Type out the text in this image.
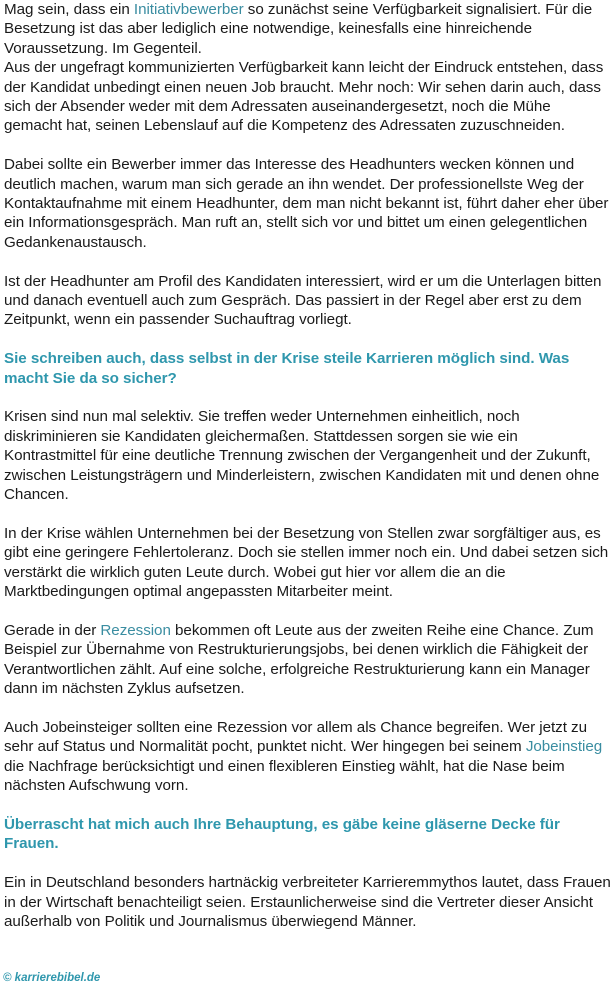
Mag sein, dass ein Initiativbewerber so zunächst seine Verfügbarkeit signalisiert. Für die Besetzung ist das aber lediglich eine notwendige, keinesfalls eine hinreichende Voraussetzung. Im Gegenteil.

Aus der ungefragt kommunizierten Verfügbarkeit kann leicht der Eindruck entstehen, dass der Kandidat unbedingt einen neuen Job braucht. Mehr noch: Wir sehen darin auch, dass sich der Absender weder mit dem Adressaten auseinandergesetzt, noch die Mühe gemacht hat, seinen Lebenslauf auf die Kompetenz des Adressaten zuzuschneiden.

Dabei sollte ein Bewerber immer das Interesse des Headhunters wecken können und deutlich machen, warum man sich gerade an ihn wendet. Der professionellste Weg der Kontaktaufnahme mit einem Headhunter, dem man nicht bekannt ist, führt daher eher über ein Informationsgespräch. Man ruft an, stellt sich vor und bittet um einen gelegentlichen Gedankenaustausch.

Ist der Headhunter am Profil des Kandidaten interessiert, wird er um die Unterlagen bitten und danach eventuell auch zum Gespräch. Das passiert in der Regel aber erst zu dem Zeitpunkt, wenn ein passender Suchauftrag vorliegt.

Sie schreiben auch, dass selbst in der Krise steile Karrieren möglich sind. Was macht Sie da so sicher?

Krisen sind nun mal selektiv. Sie treffen weder Unternehmen einheitlich, noch diskriminieren sie Kandidaten gleichermaßen. Stattdessen sorgen sie wie ein Kontrastmittel für eine deutliche Trennung zwischen der Vergangenheit und der Zukunft, zwischen Leistungsträgern und Minderleistern, zwischen Kandidaten mit und denen ohne Chancen.

In der Krise wählen Unternehmen bei der Besetzung von Stellen zwar sorgfältiger aus, es gibt eine geringere Fehlertoleranz. Doch sie stellen immer noch ein. Und dabei setzen sich verstärkt die wirklich guten Leute durch. Wobei gut hier vor allem die an die Marktbedingungen optimal angepassten Mitarbeiter meint.

Gerade in der Rezession bekommen oft Leute aus der zweiten Reihe eine Chance. Zum Beispiel zur Übernahme von Restrukturierungsjobs, bei denen wirklich die Fähigkeit der Verantwortlichen zählt. Auf eine solche, erfolgreiche Restrukturierung kann ein Manager dann im nächsten Zyklus aufsetzen.

Auch Jobeinsteiger sollten eine Rezession vor allem als Chance begreifen. Wer jetzt zu sehr auf Status und Normalität pocht, punktet nicht. Wer hingegen bei seinem Jobeinstieg die Nachfrage berücksichtigt und einen flexibleren Einstieg wählt, hat die Nase beim nächsten Aufschwung vorn.

Überrascht hat mich auch Ihre Behauptung, es gäbe keine gläserne Decke für Frauen.

Ein in Deutschland besonders hartnäckig verbreiteter Karrieremmythos lautet, dass Frauen in der Wirtschaft benachteiligt seien. Erstaunlicherweise sind die Vertreter dieser Ansicht außerhalb von Politik und Journalismus überwiegend Männer.

© karrierebibel.de
